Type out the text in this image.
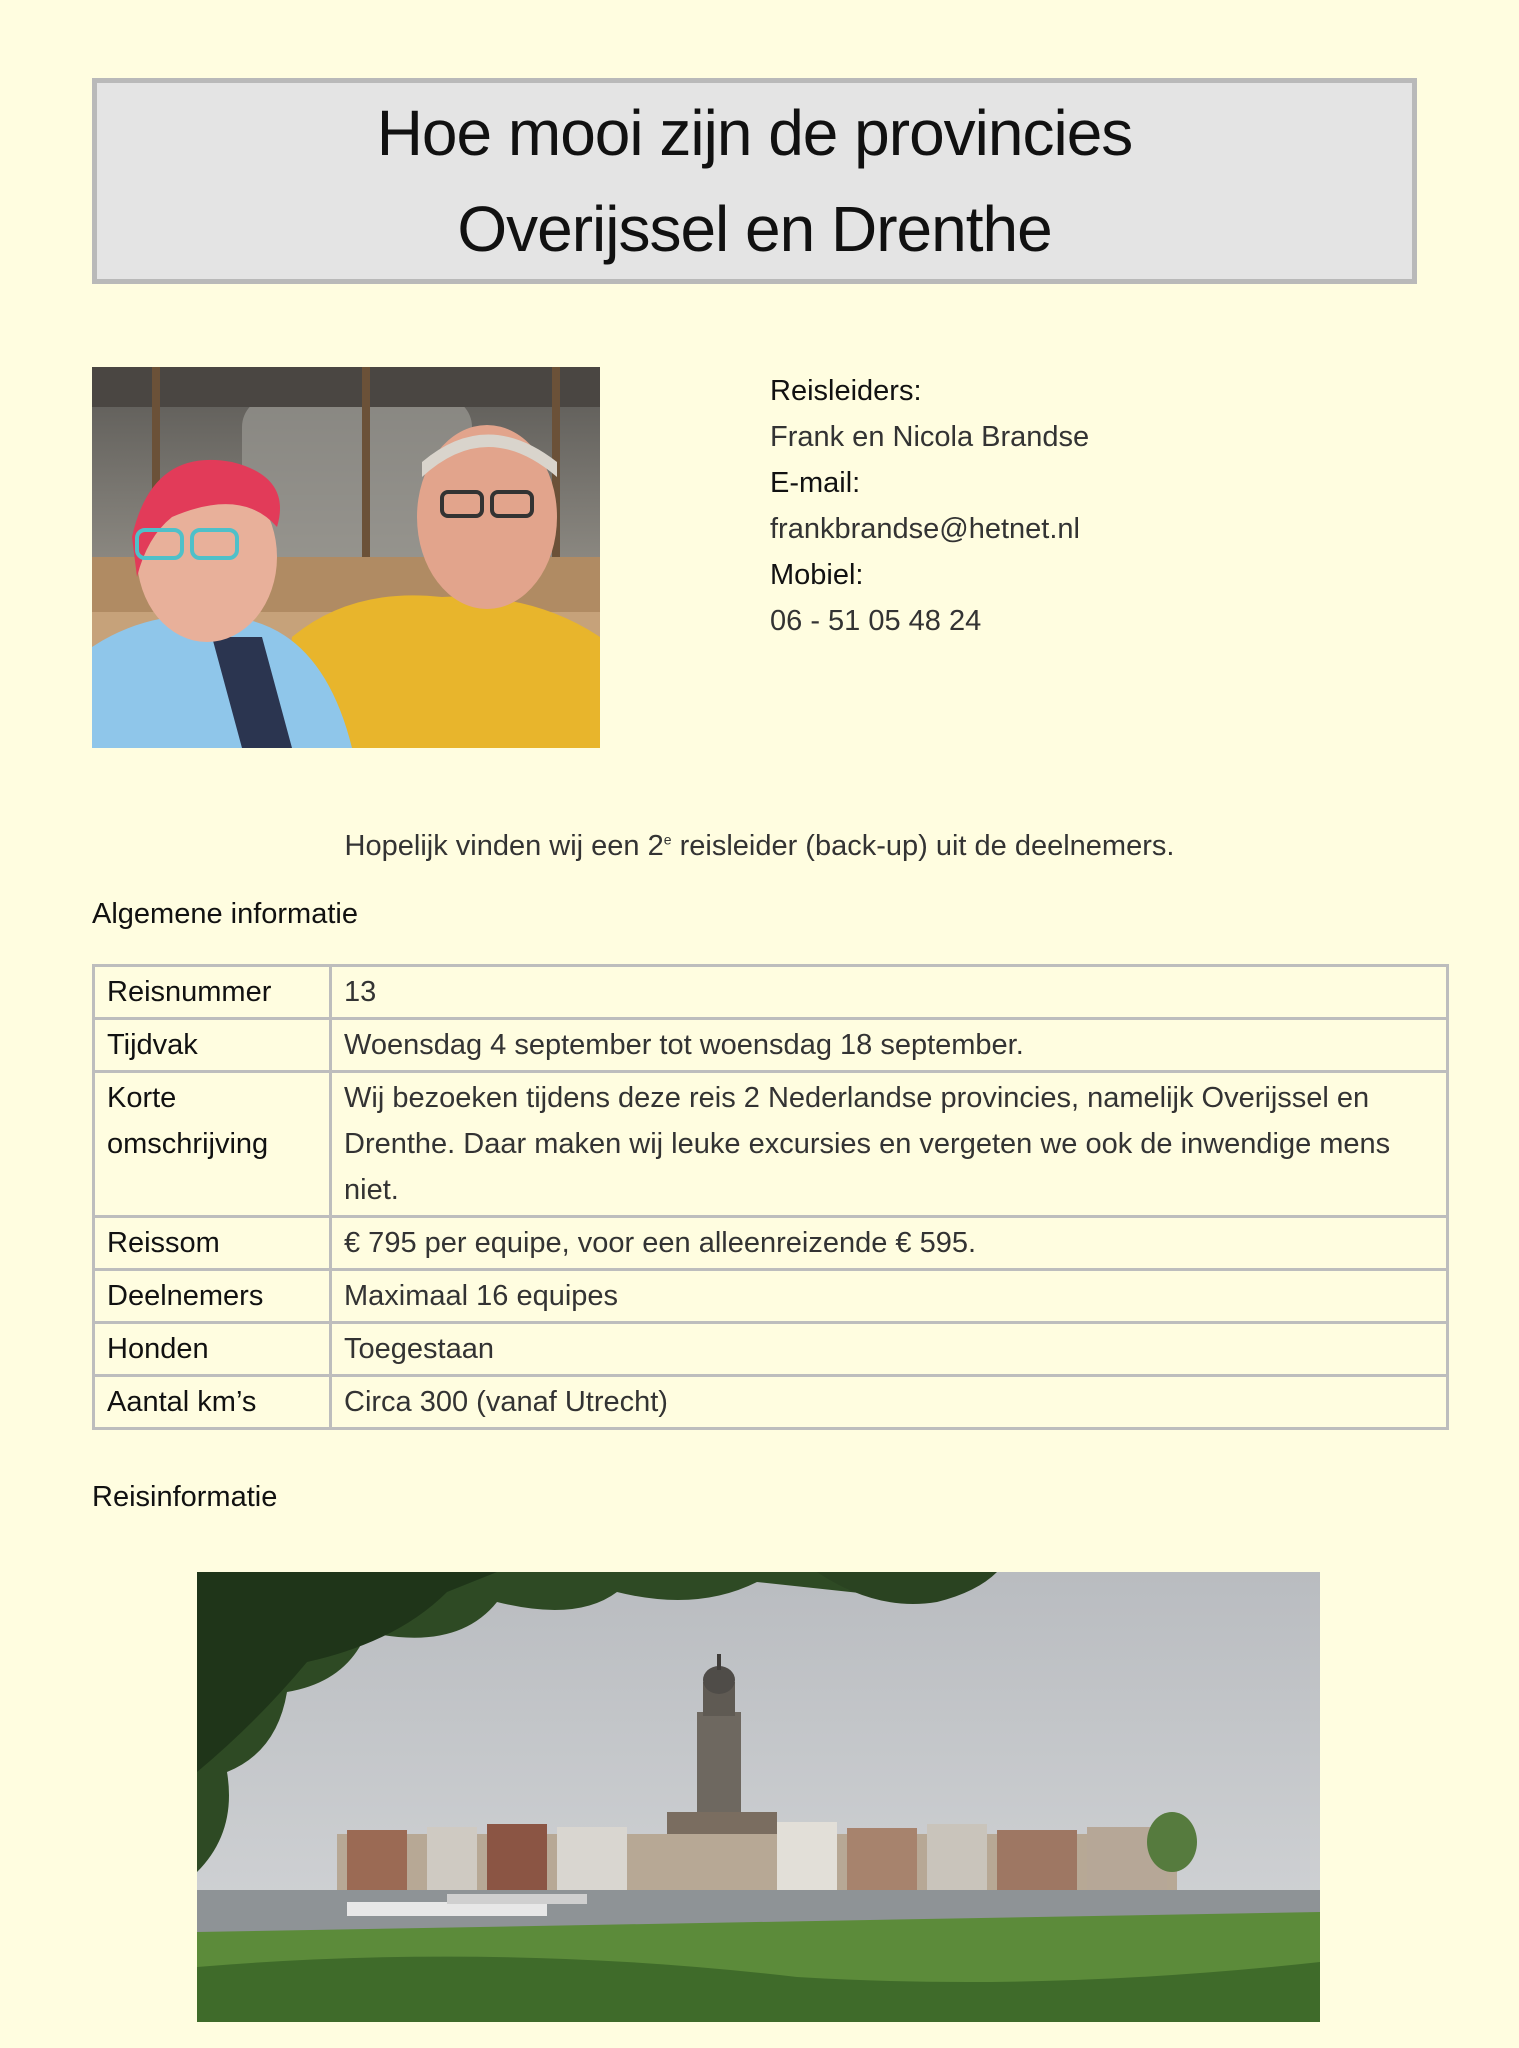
Hoe mooi zijn de provincies
Overijssel en Drenthe
Reisleiders:
Frank en Nicola Brandse
E-mail:
frankbrandse@hetnet.nl
Mobiel:
06 - 51 05 48 24
Hopelijk vinden wij een 2e reisleider (back-up) uit de deelnemers.
Algemene informatie
Reisnummer	13
Tijdvak	Woensdag 4 september tot woensdag 18 september.
Korte omschrijving	Wij bezoeken tijdens deze reis 2 Nederlandse provincies, namelijk Overijssel en Drenthe. Daar maken wij leuke excursies en vergeten we ook de inwendige mens niet.
Reissom	€ 795 per equipe, voor een alleenreizende € 595.
Deelnemers	Maximaal 16 equipes
Honden	Toegestaan
Aantal km’s	Circa 300 (vanaf Utrecht)
Reisinformatie
